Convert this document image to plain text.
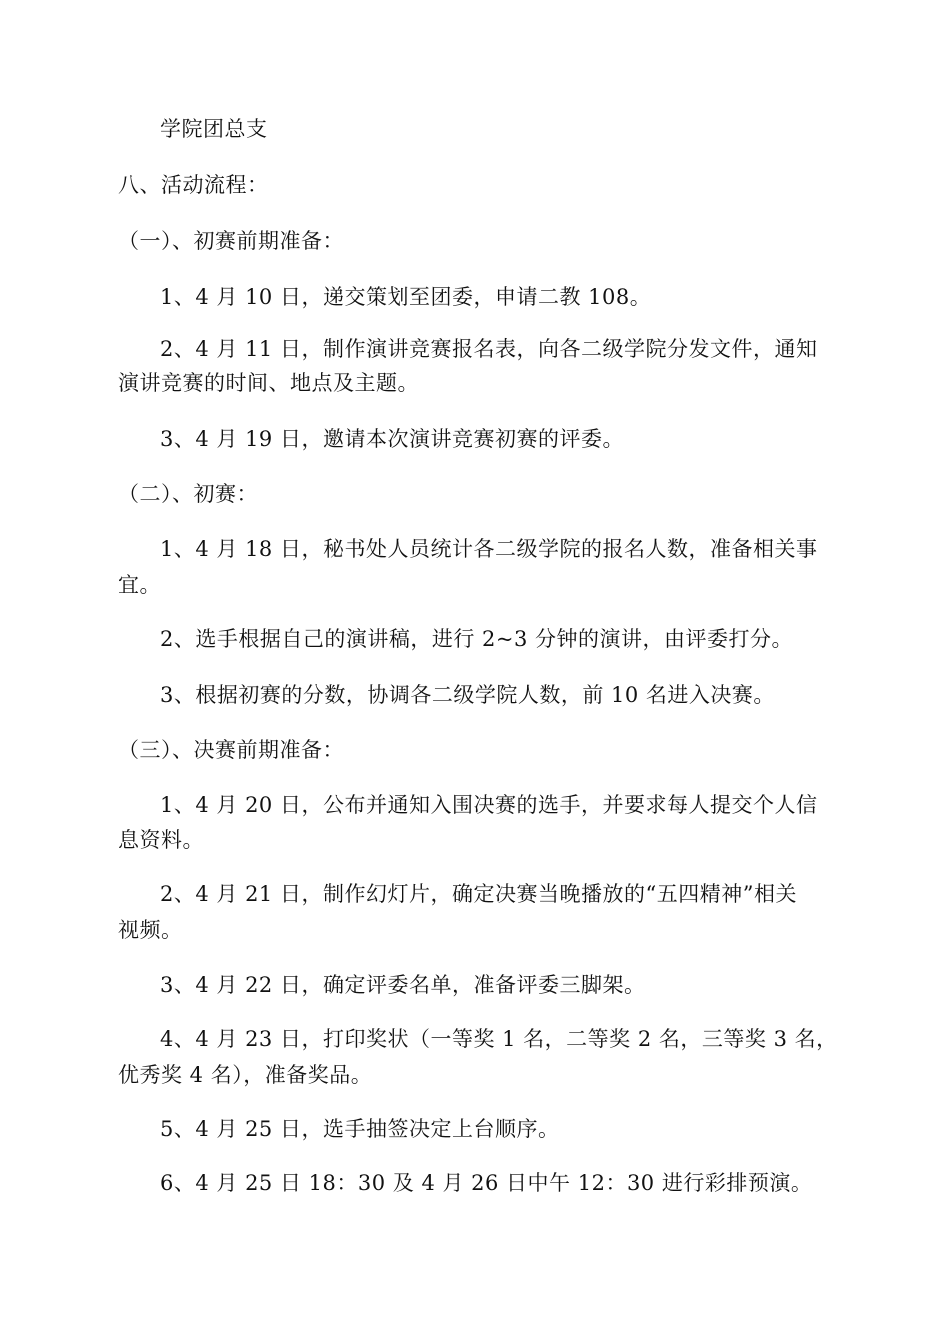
学院团总支

八、活动流程：

（一）、初赛前期准备：

1、4 月 10 日，递交策划至团委，申请二教 108。

2、4 月 11 日，制作演讲竞赛报名表，向各二级学院分发文件，通知

演讲竞赛的时间、地点及主题。

3、4 月 19 日，邀请本次演讲竞赛初赛的评委。

（二）、初赛：

1、4 月 18 日，秘书处人员统计各二级学院的报名人数，准备相关事

宜。

2、选手根据自己的演讲稿，进行 2~3 分钟的演讲，由评委打分。

3、根据初赛的分数，协调各二级学院人数，前 10 名进入决赛。

（三）、决赛前期准备：

1、4 月 20 日，公布并通知入围决赛的选手，并要求每人提交个人信

息资料。

2、4 月 21 日，制作幻灯片，确定决赛当晚播放的“五四精神”相关

视频。

3、4 月 22 日，确定评委名单，准备评委三脚架。

4、4 月 23 日，打印奖状（一等奖 1 名，二等奖 2 名，三等奖 3 名，

优秀奖 4 名），准备奖品。

5、4 月 25 日，选手抽签决定上台顺序。

6、4 月 25 日 18：30 及 4 月 26 日中午 12：30 进行彩排预演。
